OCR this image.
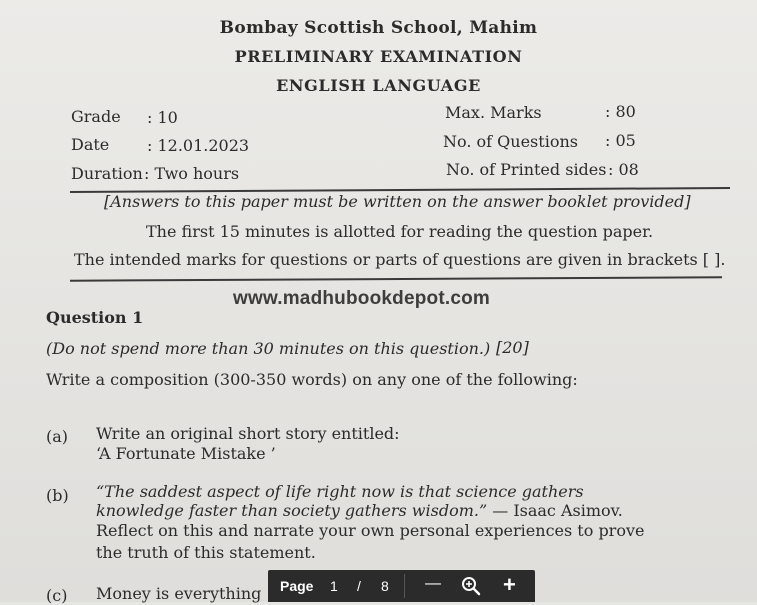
Bombay Scottish School, Mahim
PRELIMINARY EXAMINATION
ENGLISH LANGUAGE
Grade : 10
Date : 12.01.2023
Duration : Two hours
Max. Marks	: 80
No. of Questions : 05
No. of Printed sides : 08
[Answers to this paper must be written on the answer booklet provided]
The first 15 minutes is allotted for reading the question paper.
The intended marks for questions or parts of questions are given in brackets [ ].
www.madhubookdepot.com
Question 1
(Do not spend more than 30 minutes on this question.) [20]
Write a composition (300-350 words) on any one of the following:
(a) Write an original short story entitled:
‘A Fortunate Mistake ’
(b) “The saddest aspect of life right now is that science gathers
knowledge faster than society gathers wisdom.” — Isaac Asimov.
Reflect on this and narrate your own personal experiences to prove
the truth of this statement.
(c) Money is everything Page 1 / 8 —	+
